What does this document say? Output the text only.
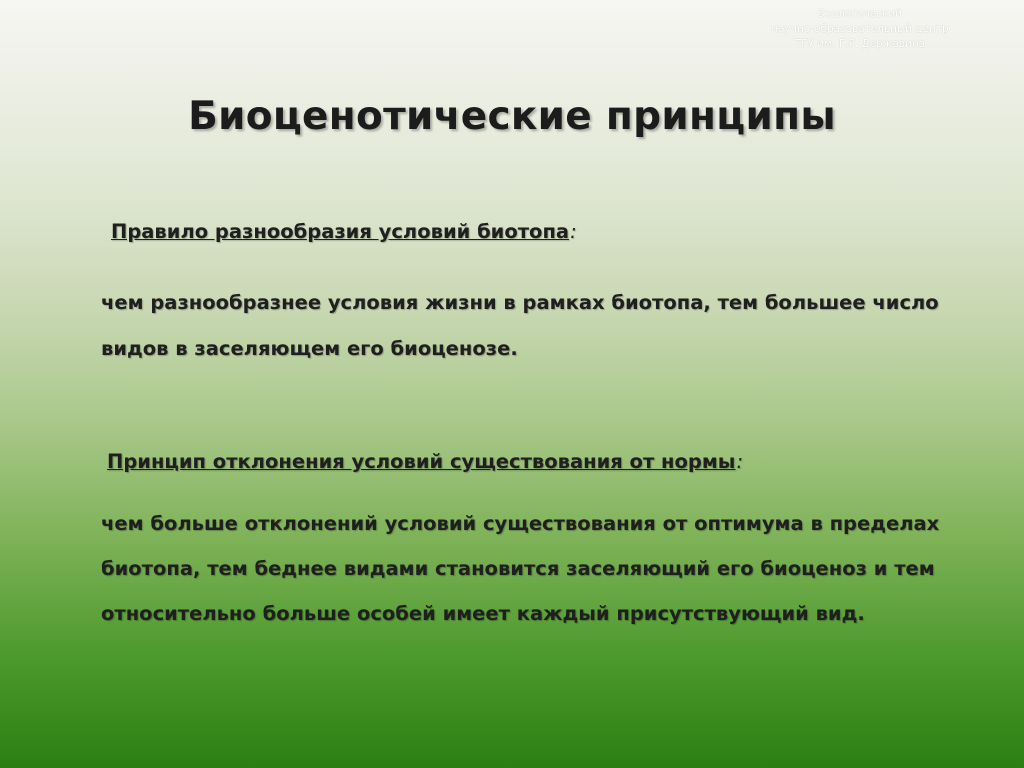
Экологический
научно-образовательный центр
ТГУ им. Г.Р. Державина
Биоценотические принципы
Правило разнообразия условий биотопа:
чем разнообразнее условия жизни в рамках биотопа, тем большее число
видов в заселяющем его биоценозе.
Принцип отклонения условий существования от нормы:
чем больше отклонений условий существования от оптимума в пределах
биотопа, тем беднее видами становится заселяющий его биоценоз и тем
относительно больше особей имеет каждый присутствующий вид.
